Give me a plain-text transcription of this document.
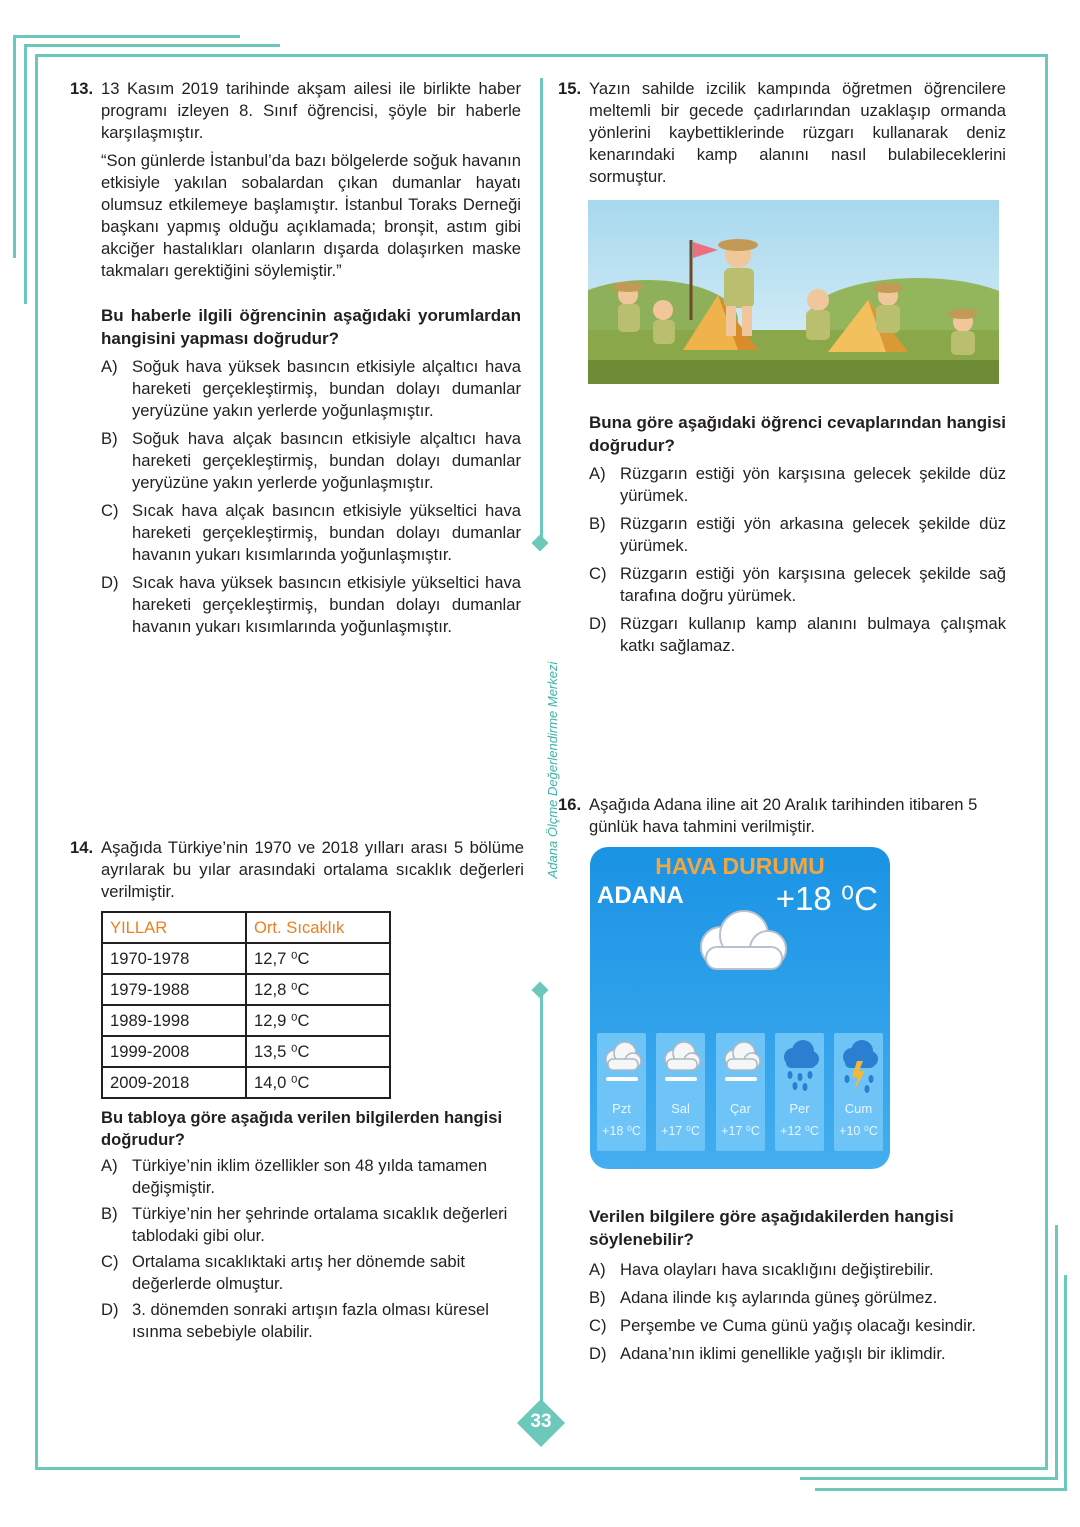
Adana Ölçme Değerlendirme Merkezi
33
13. 13 Kasım 2019 tarihinde akşam ailesi ile birlikte haber programı izleyen 8. Sınıf öğrencisi, şöyle bir haberle karşılaşmıştır.

“Son günlerde İstanbul’da bazı bölgelerde soğuk havanın etkisiyle yakılan sobalardan çıkan dumanlar hayatı olumsuz etkilemeye başlamıştır. İstanbul Toraks Derneği başkanı yapmış olduğu açıklamada; bronşit, astım gibi akciğer hastalıkları olanların dışarda dolaşırken maske takmaları gerektiğini söylemiştir.”

Bu haberle ilgili öğrencinin aşağıdaki yorumlardan hangisini yapması doğrudur?

A) Soğuk hava yüksek basıncın etkisiyle alçaltıcı hava hareketi gerçekleştirmiş, bundan dolayı dumanlar yeryüzüne yakın yerlerde yoğunlaşmıştır.
B) Soğuk hava alçak basıncın etkisiyle alçaltıcı hava hareketi gerçekleştirmiş, bundan dolayı dumanlar yeryüzüne yakın yerlerde yoğunlaşmıştır.
C) Sıcak hava alçak basıncın etkisiyle yükseltici hava hareketi gerçekleştirmiş, bundan dolayı dumanlar havanın yukarı kısımlarında yoğunlaşmıştır.
D) Sıcak hava yüksek basıncın etkisiyle yükseltici hava hareketi gerçekleştirmiş, bundan dolayı dumanlar havanın yukarı kısımlarında yoğunlaşmıştır.
14. Aşağıda Türkiye’nin 1970 ve 2018 yılları arası 5 bölüme ayrılarak bu yılar arasındaki ortalama sıcaklık değerleri verilmiştir.

YILLAR	Ort. Sıcaklık
1970-1978	12,7 ⁰C
1979-1988	12,8 ⁰C
1989-1998	12,9 ⁰C
1999-2008	13,5 ⁰C
2009-2018	14,0 ⁰C

Bu tabloya göre aşağıda verilen bilgilerden hangisi doğrudur?

A) Türkiye’nin iklim özellikler son 48 yılda tamamen değişmiştir.
B) Türkiye’nin her şehrinde ortalama sıcaklık değerleri tablodaki gibi olur.
C) Ortalama sıcaklıktaki artış her dönemde sabit değerlerde olmuştur.
D) 3. dönemden sonraki artışın fazla olması küresel ısınma sebebiyle olabilir.
15. Yazın sahilde izcilik kampında öğretmen öğrencilere meltemli bir gecede çadırlarından uzaklaşıp ormanda yönlerini kaybettiklerinde rüzgarı kullanarak deniz kenarındaki kamp alanını nasıl bulabileceklerini sormuştur.

Buna göre aşağıdaki öğrenci cevaplarından hangisi doğrudur?

A) Rüzgarın estiği yön karşısına gelecek şekilde düz yürümek.
B) Rüzgarın estiği yön arkasına gelecek şekilde düz yürümek.
C) Rüzgarın estiği yön karşısına gelecek şekilde sağ tarafına doğru yürümek.
D) Rüzgarı kullanıp kamp alanını bulmaya çalışmak katkı sağlamaz.
16. Aşağıda Adana iline ait 20 Aralık tarihinden itibaren 5 günlük hava tahmini verilmiştir.

HAVA DURUMU
ADANA	+18 ⁰C
Pzt
+18 ⁰C
Sal
+17 ⁰C
Çar
+17 ⁰C
Per
+12 ⁰C
Cum
+10 ⁰C

Verilen bilgilere göre aşağıdakilerden hangisi söylenebilir?

A) Hava olayları hava sıcaklığını değiştirebilir.
B) Adana ilinde kış aylarında güneş görülmez.
C) Perşembe ve Cuma günü yağış olacağı kesindir.
D) Adana’nın iklimi genellikle yağışlı bir iklimdir.
